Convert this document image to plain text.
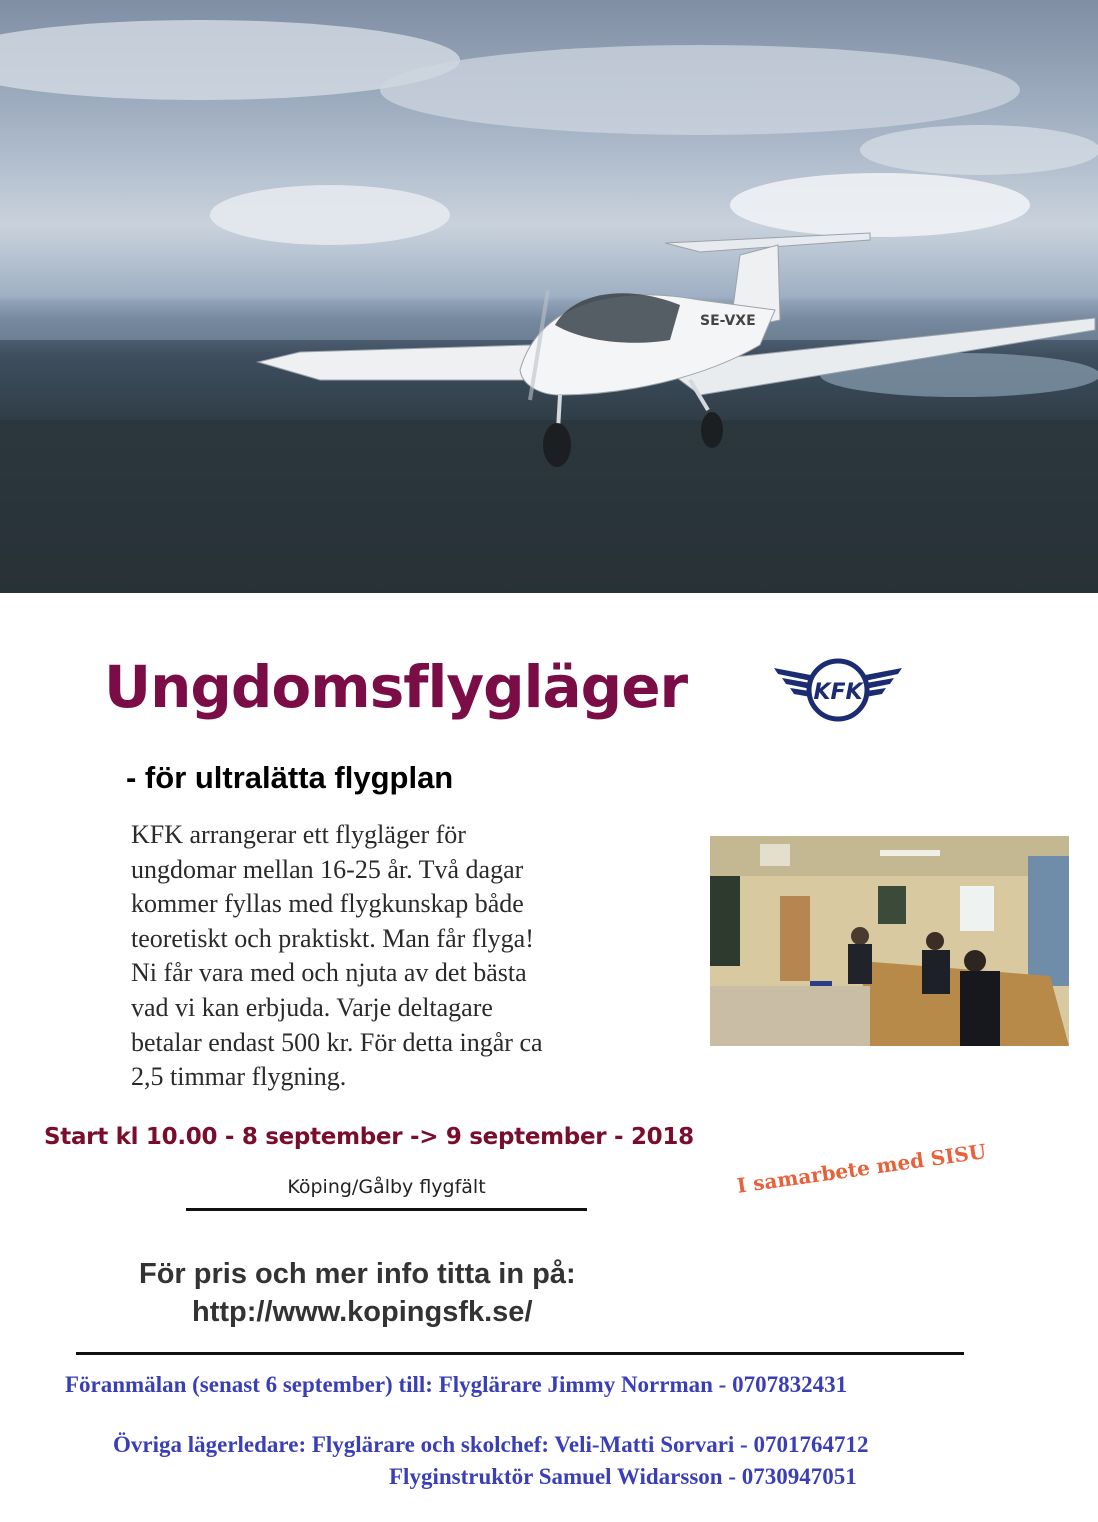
SE-VXE
Ungdomsflygläger	KFK
- för ultralätta flygplan
KFK arrangerar ett flygläger för
ungdomar mellan 16-25 år. Två dagar
kommer fyllas med flygkunskap både
teoretiskt och praktiskt. Man får flyga!
Ni får vara med och njuta av det bästa
vad vi kan erbjuda. Varje deltagare
betalar endast 500 kr. För detta ingår ca
2,5 timmar flygning.
Start kl 10.00 - 8 september -> 9 september - 2018
Köping/Gålby flygfält	I samarbete med SISU
För pris och mer info titta in på:
http://www.kopingsfk.se/
Föranmälan (senast 6 september) till: Flyglärare Jimmy Norrman - 0707832431
Övriga lägerledare: Flyglärare och skolchef: Veli-Matti Sorvari - 0701764712
Flyginstruktör Samuel Widarsson - 0730947051
